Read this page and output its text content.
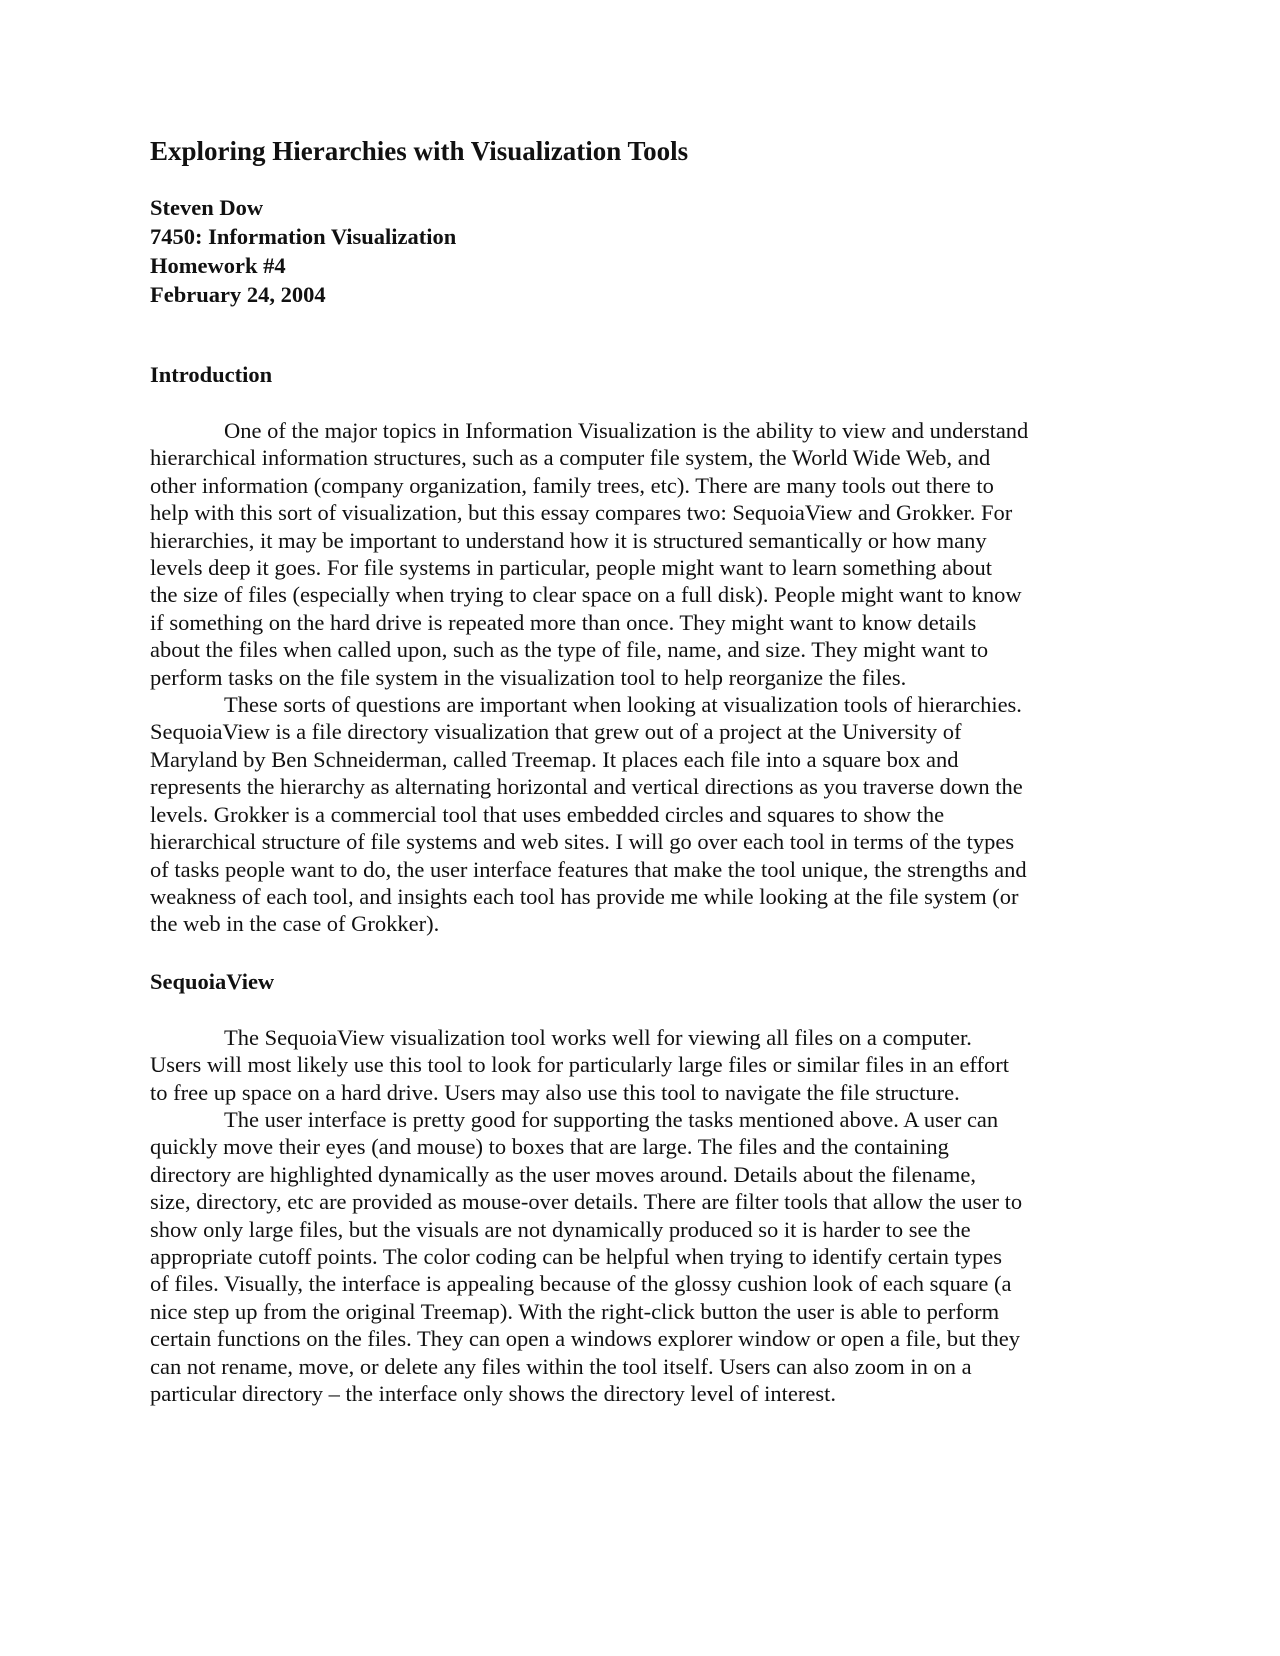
Exploring Hierarchies with Visualization Tools
Steven Dow
7450: Information Visualization
Homework #4
February 24, 2004
Introduction
One of the major topics in Information Visualization is the ability to view and understand
hierarchical information structures, such as a computer file system, the World Wide Web, and
other information (company organization, family trees, etc). There are many tools out there to
help with this sort of visualization, but this essay compares two: SequoiaView and Grokker. For
hierarchies, it may be important to understand how it is structured semantically or how many
levels deep it goes. For file systems in particular, people might want to learn something about
the size of files (especially when trying to clear space on a full disk). People might want to know
if something on the hard drive is repeated more than once. They might want to know details
about the files when called upon, such as the type of file, name, and size. They might want to
perform tasks on the file system in the visualization tool to help reorganize the files.
These sorts of questions are important when looking at visualization tools of hierarchies.
SequoiaView is a file directory visualization that grew out of a project at the University of
Maryland by Ben Schneiderman, called Treemap. It places each file into a square box and
represents the hierarchy as alternating horizontal and vertical directions as you traverse down the
levels. Grokker is a commercial tool that uses embedded circles and squares to show the
hierarchical structure of file systems and web sites. I will go over each tool in terms of the types
of tasks people want to do, the user interface features that make the tool unique, the strengths and
weakness of each tool, and insights each tool has provide me while looking at the file system (or
the web in the case of Grokker).
SequoiaView
The SequoiaView visualization tool works well for viewing all files on a computer.
Users will most likely use this tool to look for particularly large files or similar files in an effort
to free up space on a hard drive. Users may also use this tool to navigate the file structure.
The user interface is pretty good for supporting the tasks mentioned above. A user can
quickly move their eyes (and mouse) to boxes that are large. The files and the containing
directory are highlighted dynamically as the user moves around. Details about the filename,
size, directory, etc are provided as mouse-over details. There are filter tools that allow the user to
show only large files, but the visuals are not dynamically produced so it is harder to see the
appropriate cutoff points. The color coding can be helpful when trying to identify certain types
of files. Visually, the interface is appealing because of the glossy cushion look of each square (a
nice step up from the original Treemap). With the right-click button the user is able to perform
certain functions on the files. They can open a windows explorer window or open a file, but they
can not rename, move, or delete any files within the tool itself. Users can also zoom in on a
particular directory – the interface only shows the directory level of interest.
